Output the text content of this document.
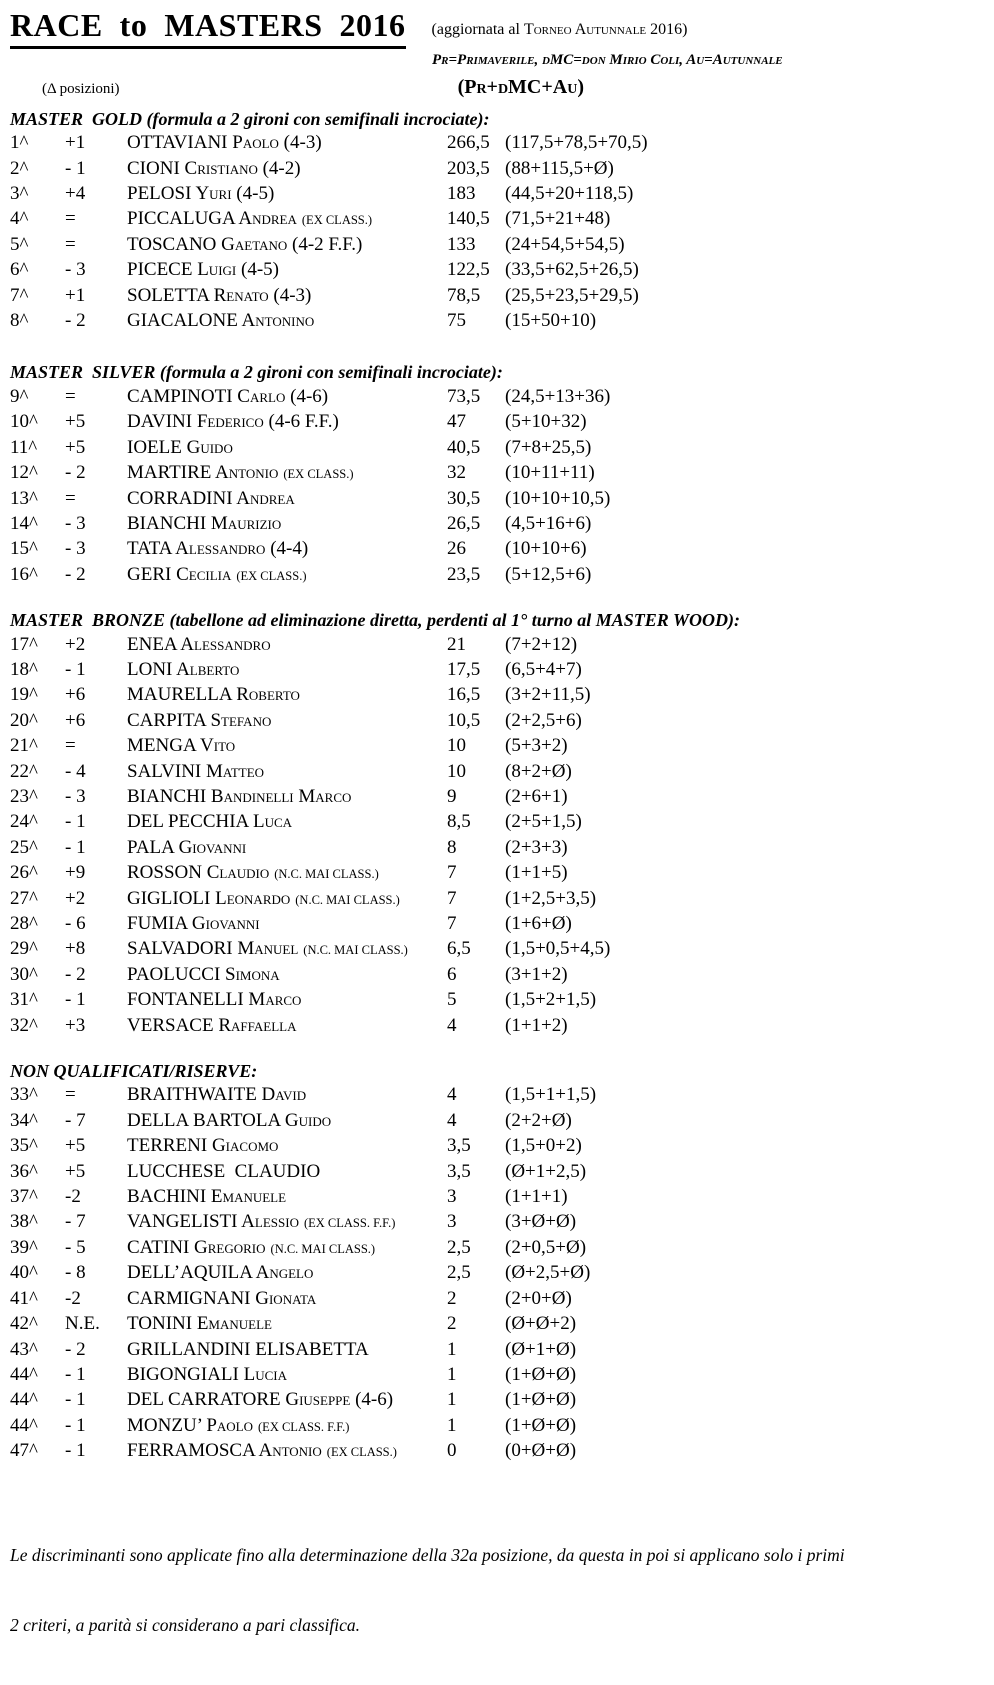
RACE  to  MASTERS  2016 (aggiornata al Torneo Autunnale 2016)
Pr=Primaverile, dMC=don Mirio Coli, Au=Autunnale
(Δ posizioni)	(Pr+dMC+Au)
MASTER  GOLD (formula a 2 gironi con semifinali incrociate):
1^	+1	OTTAVIANI Paolo (4-3)	266,5 (117,5+78,5+70,5)
2^	- 1	CIONI Cristiano (4-2)	203,5 (88+115,5+Ø)
3^	+4	PELOSI Yuri (4-5)	183	(44,5+20+118,5)
4^	=	PICCALUGA Andrea (EX CLASS.)	140,5 (71,5+21+48)
5^	=	TOSCANO Gaetano (4-2 F.F.)	133	(24+54,5+54,5)
6^	- 3	PICECE Luigi (4-5)	122,5 (33,5+62,5+26,5)
7^	+1	SOLETTA Renato (4-3)	78,5	(25,5+23,5+29,5)
8^	- 2	GIACALONE Antonino	75	(15+50+10)
MASTER  SILVER (formula a 2 gironi con semifinali incrociate):
9^	=	CAMPINOTI Carlo (4-6)	73,5	(24,5+13+36)
10^	+5	DAVINI Federico (4-6 F.F.)	47	(5+10+32)
11^	+5	IOELE Guido	40,5	(7+8+25,5)
12^	- 2	MARTIRE Antonio (EX CLASS.)	32	(10+11+11)
13^	=	CORRADINI Andrea	30,5	(10+10+10,5)
14^	- 3	BIANCHI Maurizio	26,5	(4,5+16+6)
15^	- 3	TATA Alessandro (4-4)	26	(10+10+6)
16^	- 2	GERI Cecilia (EX CLASS.)	23,5	(5+12,5+6)
MASTER  BRONZE (tabellone ad eliminazione diretta, perdenti al 1° turno al MASTER WOOD):
17^	+2	ENEA Alessandro	21	(7+2+12)
18^	- 1	LONI Alberto	17,5	(6,5+4+7)
19^	+6	MAURELLA Roberto	16,5	(3+2+11,5)
20^	+6	CARPITA Stefano	10,5	(2+2,5+6)
21^	=	MENGA Vito	10	(5+3+2)
22^	- 4	SALVINI Matteo	10	(8+2+Ø)
23^	- 3	BIANCHI Bandinelli Marco	9	(2+6+1)
24^	- 1	DEL PECCHIA Luca	8,5	(2+5+1,5)
25^	- 1	PALA Giovanni	8	(2+3+3)
26^	+9	ROSSON Claudio (N.C. MAI CLASS.)	7	(1+1+5)
27^	+2	GIGLIOLI Leonardo (N.C. MAI CLASS.)	7	(1+2,5+3,5)
28^	- 6	FUMIA Giovanni	7	(1+6+Ø)
29^	+8	SALVADORI Manuel (N.C. MAI CLASS.)	6,5	(1,5+0,5+4,5)
30^	- 2	PAOLUCCI Simona	6	(3+1+2)
31^	- 1	FONTANELLI Marco	5	(1,5+2+1,5)
32^	+3	VERSACE Raffaella	4	(1+1+2)
NON QUALIFICATI/RISERVE:
33^	=	BRAITHWAITE David	4	(1,5+1+1,5)
34^	- 7	DELLA BARTOLA Guido	4	(2+2+Ø)
35^	+5	TERRENI Giacomo	3,5	(1,5+0+2)
36^	+5	LUCCHESE  CLAUDIO	3,5	(Ø+1+2,5)
37^	-2	BACHINI Emanuele	3	(1+1+1)
38^	- 7	VANGELISTI Alessio (EX CLASS. F.F.)	3	(3+Ø+Ø)
39^	- 5	CATINI Gregorio (N.C. MAI CLASS.)	2,5	(2+0,5+Ø)
40^	- 8	DELL’AQUILA Angelo	2,5	(Ø+2,5+Ø)
41^	-2	CARMIGNANI Gionata	2	(2+0+Ø)
42^	N.E.	TONINI Emanuele	2	(Ø+Ø+2)
43^	- 2	GRILLANDINI ELISABETTA	1	(Ø+1+Ø)
44^	- 1	BIGONGIALI Lucia	1	(1+Ø+Ø)
44^	- 1	DEL CARRATORE Giuseppe (4-6)	1	(1+Ø+Ø)
44^	- 1	MONZU’ Paolo (EX CLASS. F.F.)	1	(1+Ø+Ø)
47^	- 1	FERRAMOSCA Antonio (EX CLASS.)	0	(0+Ø+Ø)

Le discriminanti sono applicate fino alla determinazione della 32a posizione, da questa in poi si applicano solo i primi

2 criteri, a parità si considerano a pari classifica.
